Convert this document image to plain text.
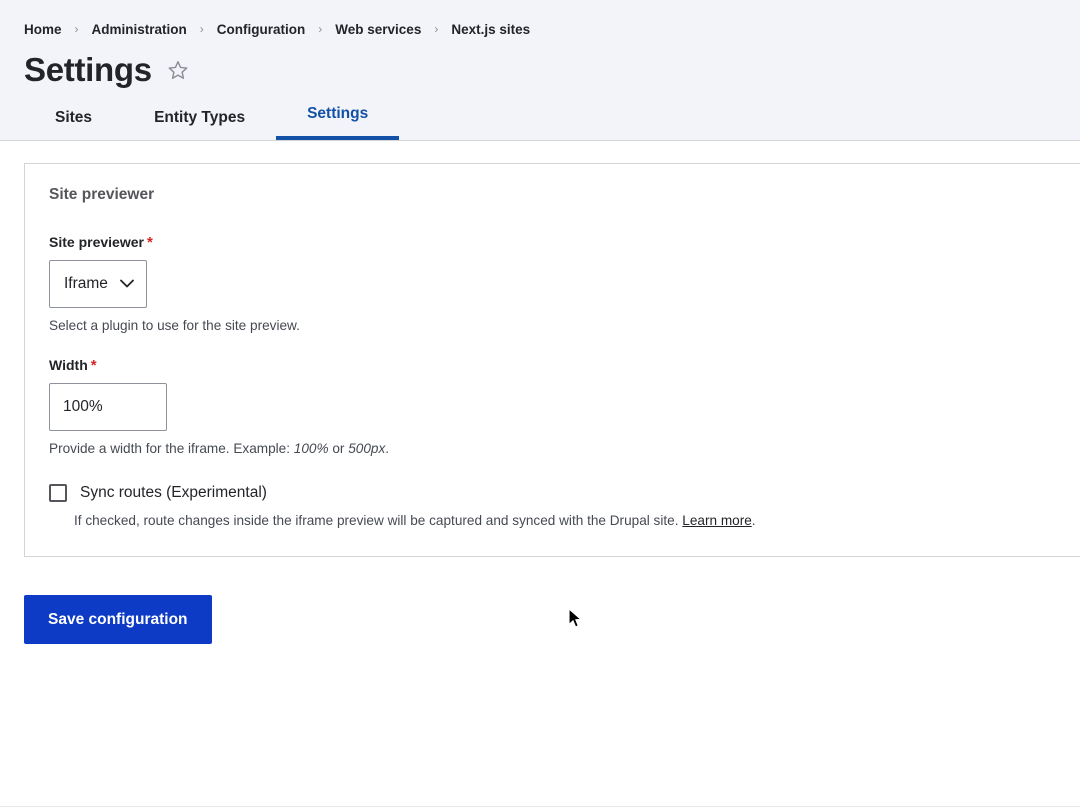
Home › Administration › Configuration › Web services › Next.js sites
Settings
Sites	Entity Types	Settings
Site previewer
Site previewer *
Iframe
Select a plugin to use for the site preview.
Width *
100%
Provide a width for the iframe. Example: 100% or 500px.
Sync routes (Experimental)
If checked, route changes inside the iframe preview will be captured and synced with the Drupal site. Learn more.
Save configuration
